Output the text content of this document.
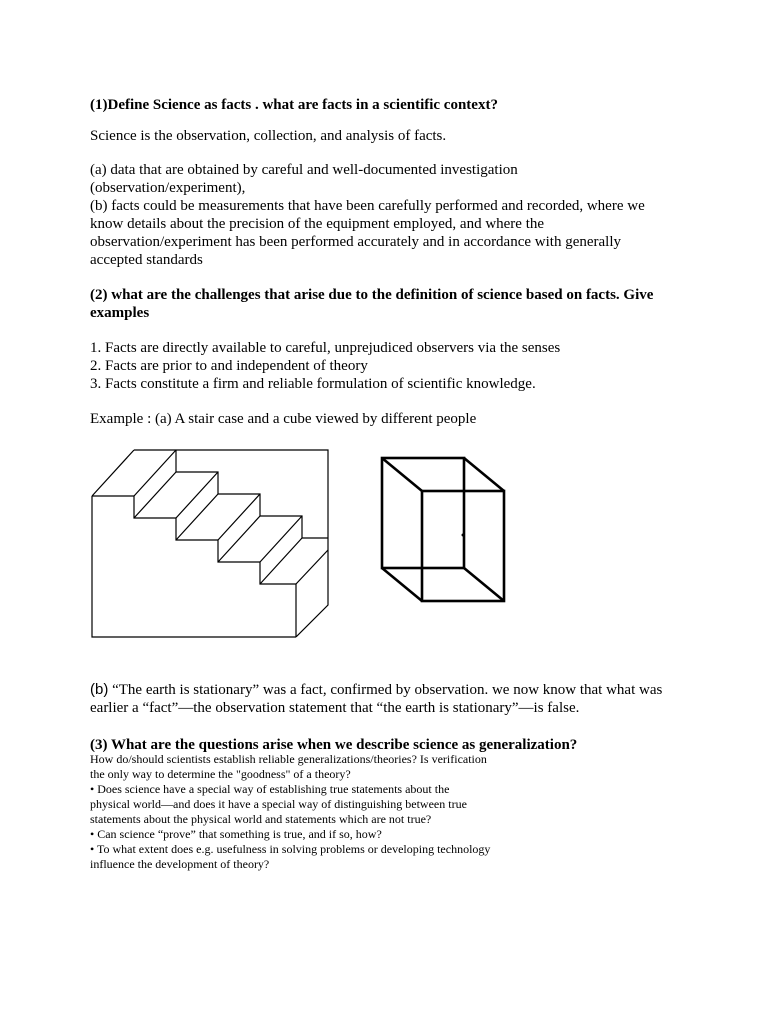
(1)Define Science as facts . what are facts in a scientific context?

Science is the observation, collection, and analysis of facts.

(a) data that are obtained by careful and well-documented investigation

(observation/experiment),

(b) facts could be measurements that have been carefully performed and recorded, where we

know details about the precision of the equipment employed, and where the

observation/experiment has been performed accurately and in accordance with generally

accepted standards

(2) what are the challenges that arise due to the definition of science based on facts. Give

examples

1. Facts are directly available to careful, unprejudiced observers via the senses

2. Facts are prior to and independent of theory

3. Facts constitute a firm and reliable formulation of scientific knowledge.

Example : (a) A stair case and a cube viewed by different people

(b) “The earth is stationary” was a fact, confirmed by observation. we now know that what was

earlier a “fact”—the observation statement that “the earth is stationary”—is false.

(3) What are the questions arise when we describe science as generalization?

How do/should scientists establish reliable generalizations/theories? Is verification

the only way to determine the "goodness" of a theory?

• Does science have a special way of establishing true statements about the

physical world—and does it have a special way of distinguishing between true

statements about the physical world and statements which are not true?

• Can science “prove” that something is true, and if so, how?

• To what extent does e.g. usefulness in solving problems or developing technology

influence the development of theory?
